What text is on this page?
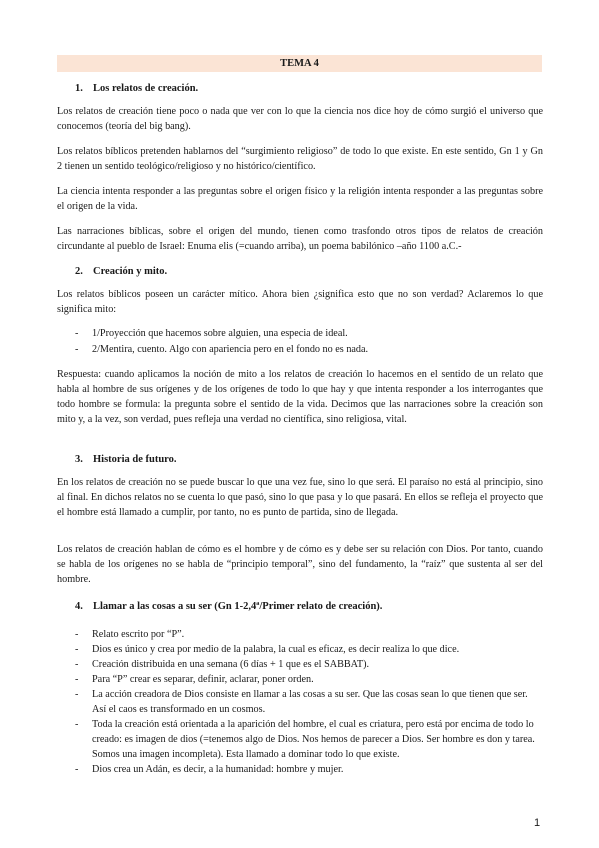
TEMA 4
1. Los relatos de creación.
Los relatos de creación tiene poco o nada que ver con lo que la ciencia nos dice hoy de cómo surgió el universo que conocemos (teoría del big bang).
Los relatos bíblicos pretenden hablarnos del “surgimiento religioso” de todo lo que existe. En este sentido, Gn 1 y Gn 2 tienen un sentido teológico/religioso y no histórico/científico.
La ciencia intenta responder a las preguntas sobre el origen físico y la religión intenta responder a las preguntas sobre el origen de la vida.
Las narraciones bíblicas, sobre el origen del mundo, tienen como trasfondo otros tipos de relatos de creación circundante al pueblo de Israel: Enuma elis (=cuando arriba), un poema babilónico –año 1100 a.C.-
2. Creación y mito.
Los relatos bíblicos poseen un carácter mítico. Ahora bien ¿significa esto que no son verdad? Aclaremos lo que significa mito:
- 1/Proyección que hacemos sobre alguien, una especia de ideal.
- 2/Mentira, cuento. Algo con apariencia pero en el fondo no es nada.
Respuesta: cuando aplicamos la noción de mito a los relatos de creación lo hacemos en el sentido de un relato que habla al hombre de sus orígenes y de los orígenes de todo lo que hay y que intenta responder a los interrogantes que todo hombre se formula: la pregunta sobre el sentido de la vida. Decimos que las narraciones sobre la creación son mito y, a la vez, son verdad, pues refleja una verdad no científica, sino religiosa, vital.
3. Historia de futuro.
En los relatos de creación no se puede buscar lo que una vez fue, sino lo que será. El paraíso no está al principio, sino al final. En dichos relatos no se cuenta lo que pasó, sino lo que pasa y lo que pasará. En ellos se refleja el proyecto que el hombre está llamado a cumplir, por tanto, no es punto de partida, sino de llegada.
Los relatos de creación hablan de cómo es el hombre y de cómo es y debe ser su relación con Dios. Por tanto, cuando se habla de los orígenes no se habla de “principio temporal”, sino del fundamento, la “raíz” que sustenta al ser del hombre.
4. Llamar a las cosas a su ser (Gn 1-2,4ª/Primer relato de creación).
- Relato escrito por “P”.
- Dios es único y crea por medio de la palabra, la cual es eficaz, es decir realiza lo que dice.
- Creación distribuida en una semana (6 días + 1 que es el SABBAT).
- Para “P” crear es separar, definir, aclarar, poner orden.
- La acción creadora de Dios consiste en llamar a las cosas a su ser. Que las cosas sean lo que tienen que ser. Así el caos es transformado en un cosmos.
- Toda la creación está orientada a la aparición del hombre, el cual es criatura, pero está por encima de todo lo creado: es imagen de dios (=tenemos algo de Dios. Nos hemos de parecer a Dios. Ser hombre es don y tarea. Somos una imagen incompleta). Esta llamado a dominar todo lo que existe.
- Dios crea un Adán, es decir, a la humanidad: hombre y mujer.
1
